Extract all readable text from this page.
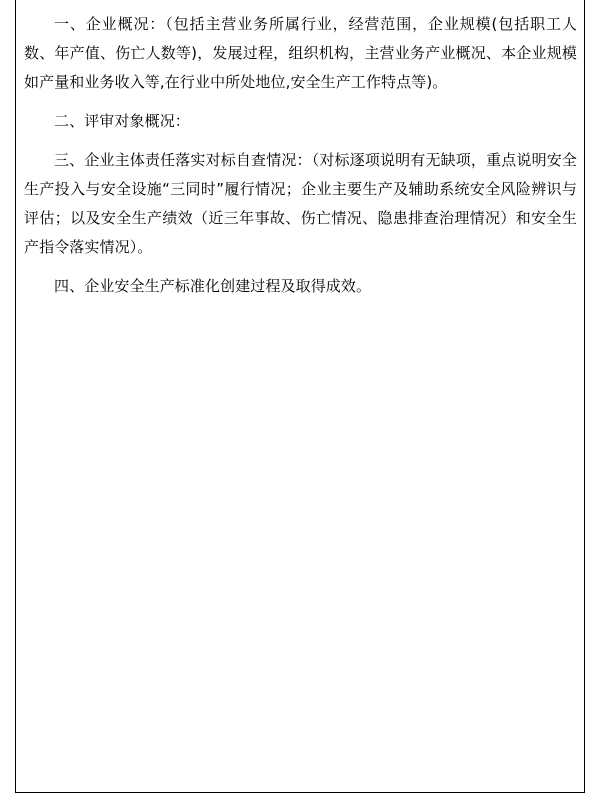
一、企业概况：（包括主营业务所属行业，经营范围，企业规模(包括职工人数、年产值、伤亡人数等)，发展过程，组织机构，主营业务产业概况、本企业规模如产量和业务收入等,在行业中所处地位,安全生产工作特点等)。

二、评审对象概况：

三、企业主体责任落实对标自查情况：（对标逐项说明有无缺项，重点说明安全生产投入与安全设施“三同时”履行情况；企业主要生产及辅助系统安全风险辨识与评估；以及安全生产绩效（近三年事故、伤亡情况、隐患排查治理情况）和安全生产指令落实情况）。

四、企业安全生产标准化创建过程及取得成效。
